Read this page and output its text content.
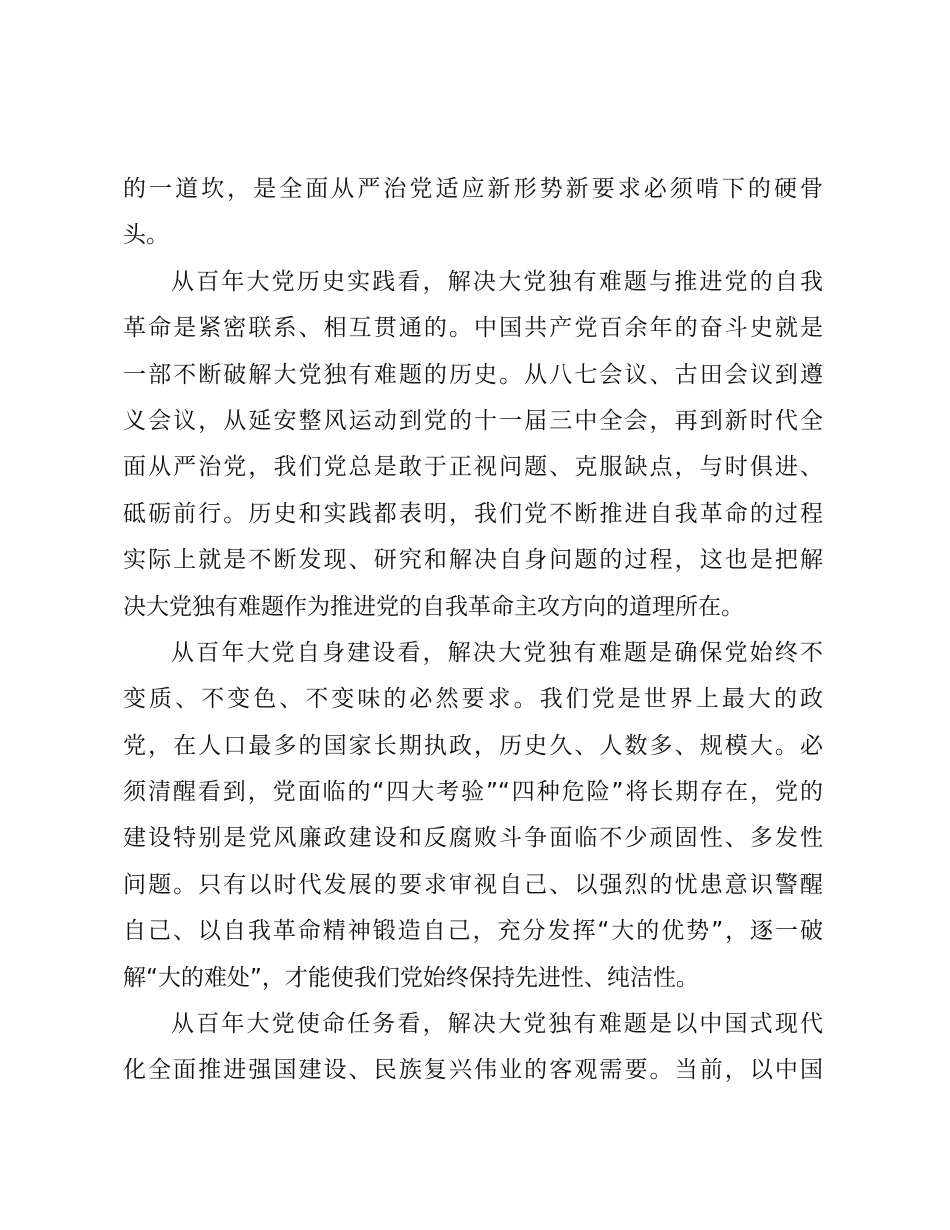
的一道坎，是全面从严治党适应新形势新要求必须啃下的硬骨
头。
从百年大党历史实践看，解决大党独有难题与推进党的自我
革命是紧密联系、相互贯通的。中国共产党百余年的奋斗史就是
一部不断破解大党独有难题的历史。从八七会议、古田会议到遵
义会议，从延安整风运动到党的十一届三中全会，再到新时代全
面从严治党，我们党总是敢于正视问题、克服缺点，与时俱进、
砥砺前行。历史和实践都表明，我们党不断推进自我革命的过程
实际上就是不断发现、研究和解决自身问题的过程，这也是把解
决大党独有难题作为推进党的自我革命主攻方向的道理所在。
从百年大党自身建设看，解决大党独有难题是确保党始终不
变质、不变色、不变味的必然要求。我们党是世界上最大的政
党，在人口最多的国家长期执政，历史久、人数多、规模大。必
须清醒看到，党面临的“四大考验”“四种危险”将长期存在，党的
建设特别是党风廉政建设和反腐败斗争面临不少顽固性、多发性
问题。只有以时代发展的要求审视自己、以强烈的忧患意识警醒
自己、以自我革命精神锻造自己，充分发挥“大的优势”，逐一破
解“大的难处”，才能使我们党始终保持先进性、纯洁性。
从百年大党使命任务看，解决大党独有难题是以中国式现代
化全面推进强国建设、民族复兴伟业的客观需要。当前，以中国
